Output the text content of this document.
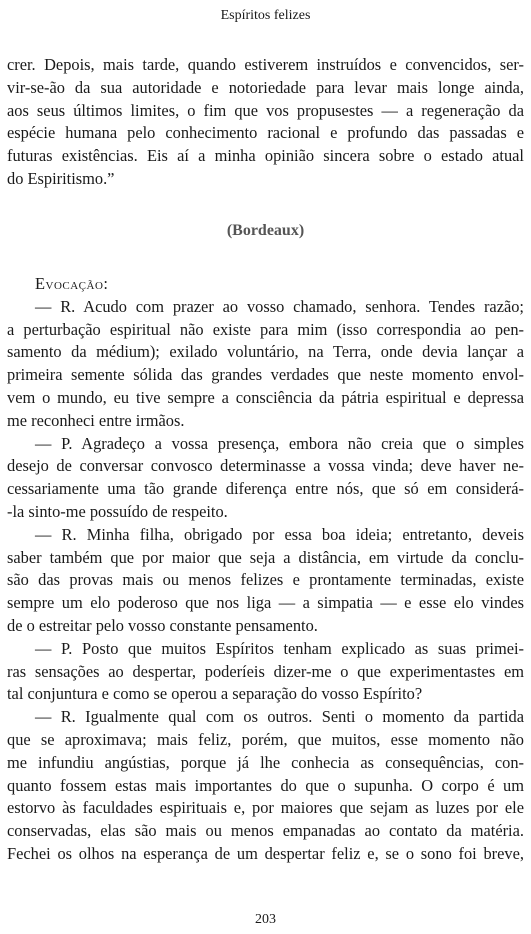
Espíritos felizes
crer. Depois, mais tarde, quando estiverem instruídos e convencidos, ser-
vir-se-ão da sua autoridade e notoriedade para levar mais longe ainda,
aos seus últimos limites, o fim que vos propusestes — a regeneração da
espécie humana pelo conhecimento racional e profundo das passadas e
futuras existências. Eis aí a minha opinião sincera sobre o estado atual
do Espiritismo.”
(Bordeaux)
Evocação:
— R. Acudo com prazer ao vosso chamado, senhora. Tendes razão;
a perturbação espiritual não existe para mim (isso correspondia ao pen-
samento da médium); exilado voluntário, na Terra, onde devia lançar a
primeira semente sólida das grandes verdades que neste momento envol-
vem o mundo, eu tive sempre a consciência da pátria espiritual e depressa
me reconheci entre irmãos.
— P. Agradeço a vossa presença, embora não creia que o simples
desejo de conversar convosco determinasse a vossa vinda; deve haver ne-
cessariamente uma tão grande diferença entre nós, que só em considerá-
-la sinto-me possuído de respeito.
— R. Minha filha, obrigado por essa boa ideia; entretanto, deveis
saber também que por maior que seja a distância, em virtude da conclu-
são das provas mais ou menos felizes e prontamente terminadas, existe
sempre um elo poderoso que nos liga — a simpatia — e esse elo vindes
de o estreitar pelo vosso constante pensamento.
— P. Posto que muitos Espíritos tenham explicado as suas primei-
ras sensações ao despertar, poderíeis dizer-me o que experimentastes em
tal conjuntura e como se operou a separação do vosso Espírito?
— R. Igualmente qual com os outros. Senti o momento da partida
que se aproximava; mais feliz, porém, que muitos, esse momento não
me infundiu angústias, porque já lhe conhecia as consequências, con-
quanto fossem estas mais importantes do que o supunha. O corpo é um
estorvo às faculdades espirituais e, por maiores que sejam as luzes por ele
conservadas, elas são mais ou menos empanadas ao contato da matéria.
Fechei os olhos na esperança de um despertar feliz e, se o sono foi breve,
203
